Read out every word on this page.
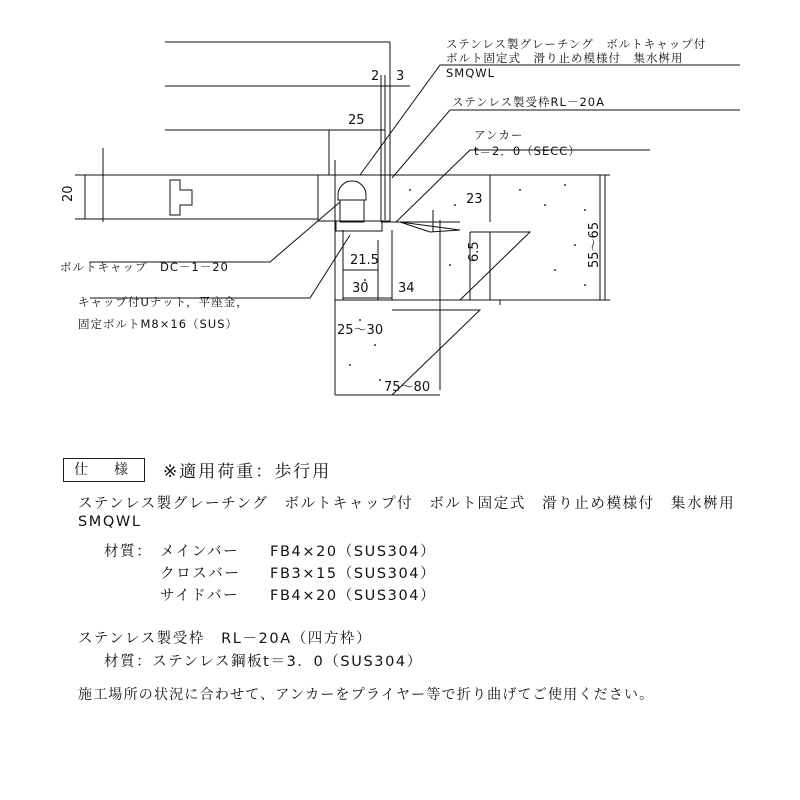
2 3
25
20	23
6.5	55～65
21.5
30 34
25～30
75～80
ステンレス製グレーチング　ボルトキャップ付
ボルト固定式　滑り止め模様付　集水桝用
SMQWL
ステンレス製受枠RL－20A
アンカー
t＝2．0（SECC）
ボルトキャップ　DC－1－20
キャップ付Uナット，平座金，
固定ボルトM8×16（SUS）
仕　様	※適用荷重：歩行用
ステンレス製グレーチング　ボルトキャップ付　ボルト固定式　滑り止め模様付　集水桝用
SMQWL
材質： メインバー FB4×20（SUS304）
クロスバー FB3×15（SUS304）
サイドバー FB4×20（SUS304）
ステンレス製受枠　RL－20A（四方枠）
材質：ステンレス鋼板t＝3．0（SUS304）
施工場所の状況に合わせて、アンカーをプライヤー等で折り曲げてご使用ください。
